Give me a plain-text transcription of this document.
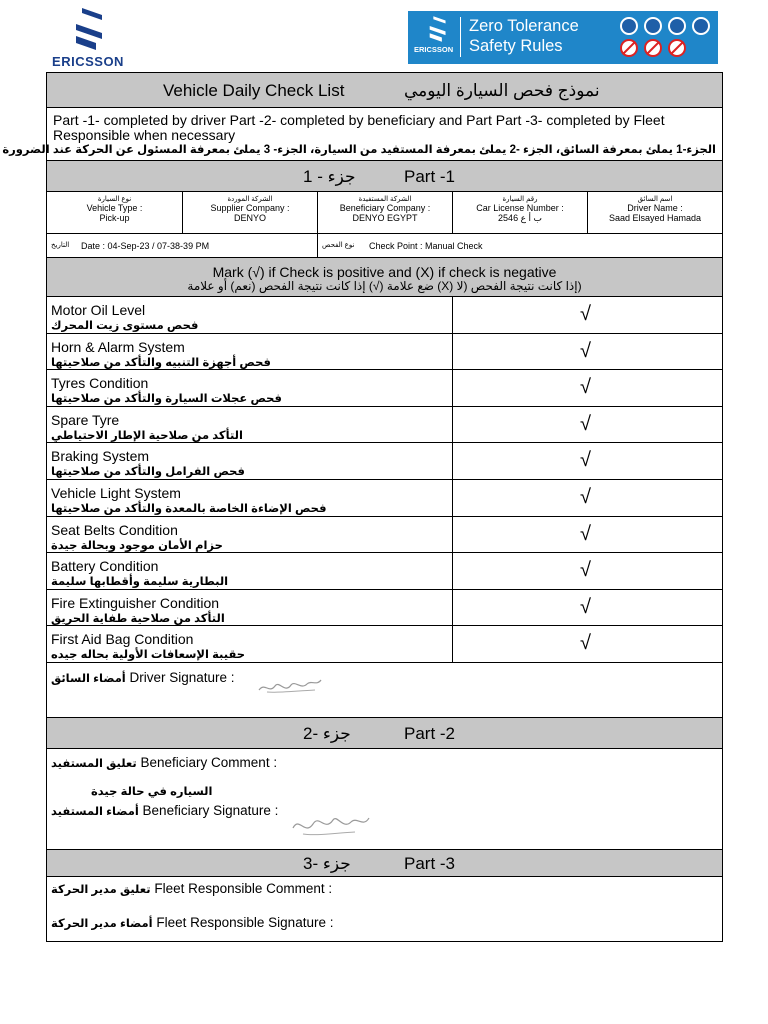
ERICSSON
ERICSSON
Zero Tolerance
Safety Rules
Vehicle Daily Check List	نموذج فحص السيارة اليومي
Part -1- completed by driver Part -2- completed by beneficiary and Part Part -3- completed by Fleet Responsible when necessary
الجزء-1 يملئ بمعرفة السائق، الجزء -2 يملئ بمعرفة المستفيد من السيارة، الجزء- 3 يملئ بمعرفة المسئول عن الحركة عند الضرورة
جزء - 1	Part -1
نوع السيارة
Vehicle Type :
Pick-up
الشركة الموردة
Supplier Company :
DENYO
الشركة المستفيدة
Beneficiary Company :
DENYO EGYPT
رقم السيارة
Car License Number :
ب أ ع 2546
اسم السائق
Driver Name :
Saad Elsayed Hamada
التاريخ Date : 04-Sep-23 / 07-38-39 PM	نوع الفحص Check Point : Manual Check
Mark (√) if Check is positive and (X) if check is negative
(إذا كانت نتيجة الفحص (لا (X) ضع علامة (√) إذا كانت نتيجة الفحص (نعم) أو علامة
Motor Oil Level
فحص مستوى زيت المحرك
√
Horn & Alarm System
فحص أجهزة التنبيه والتأكد من صلاحيتها
√
Tyres Condition
فحص عجلات السيارة والتأكد من صلاحيتها
√
Spare Tyre
التأكد من صلاحية الإطار الاحتياطي
√
Braking System
فحص الفرامل والتأكد من صلاحيتها
√
Vehicle Light System
فحص الإضاءة الخاصة بالمعدة والتأكد من صلاحيتها
√
Seat Belts Condition
حزام الأمان موجود وبحالة جيدة
√
Battery Condition
البطارية سليمة وأقطابها سليمة
√
Fire Extinguisher Condition
التأكد من صلاحية طفاية الحريق
√
First Aid Bag Condition
حقيبة الإسعافات الأولية بحاله جيده
√
أمضاء السائق Driver Signature :
جزء -2	Part -2
تعليق المستفيد Beneficiary Comment :
السياره في حالة جيدة
أمضاء المستفيد Beneficiary Signature :
جزء -3	Part -3
تعليق مدير الحركة Fleet Responsible Comment :
أمضاء مدير الحركة Fleet Responsible Signature :
